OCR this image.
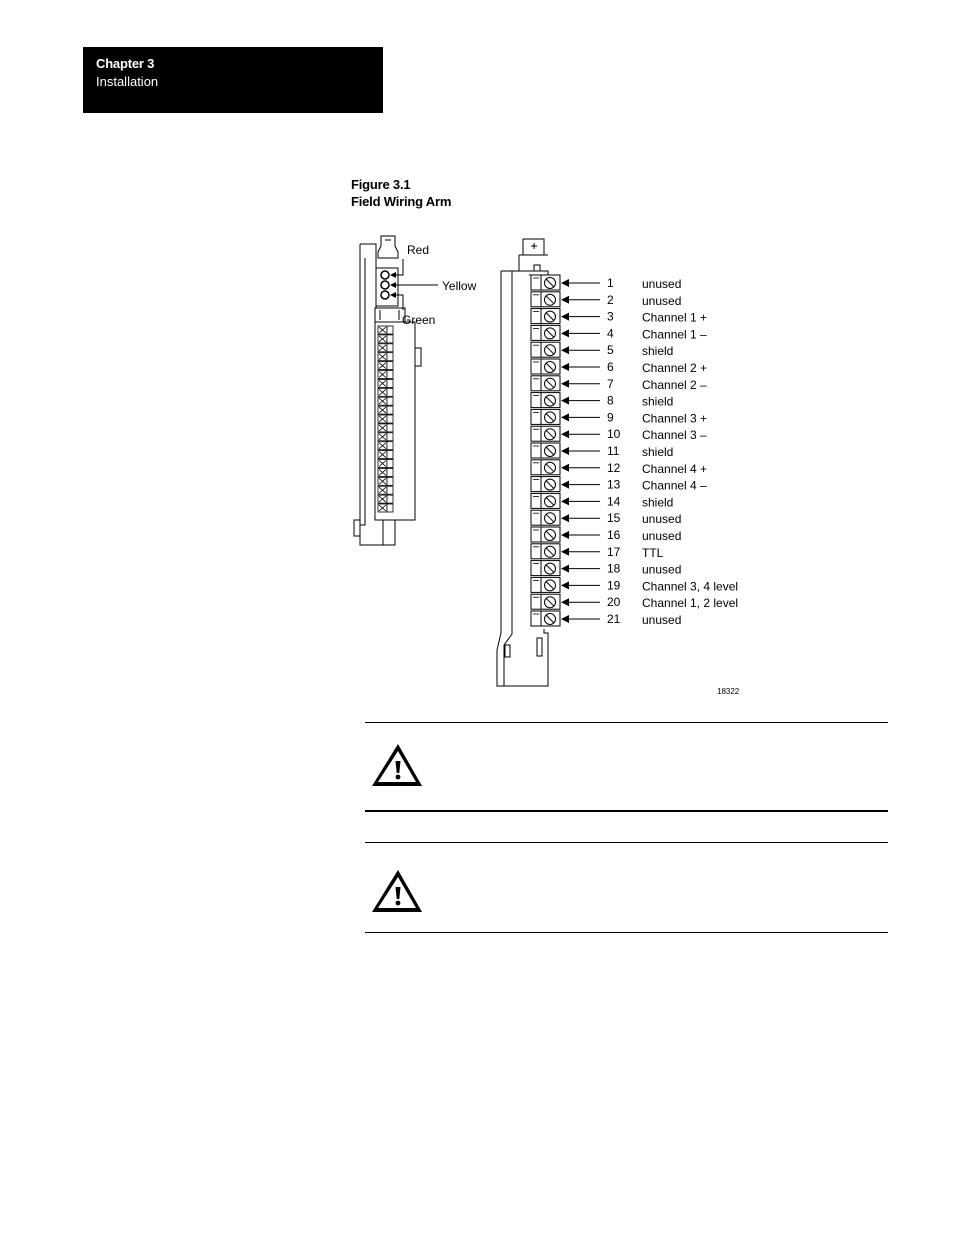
Chapter 3
Installation
Figure 3.1
Field Wiring Arm
Red
Yellow
Green
1 unused
2 unused
3 Channel 1 +
4 Channel 1 –
5 shield
6 Channel 2 +
7 Channel 2 –
8 shield
9 Channel 3 +
10 Channel 3 –
11 shield
12 Channel 4 +
13 Channel 4 –
14 shield
15 unused
16 unused
17 TTL
18 unused
19 Channel 3, 4 level
20 Channel 1, 2 level
21 unused
18322
